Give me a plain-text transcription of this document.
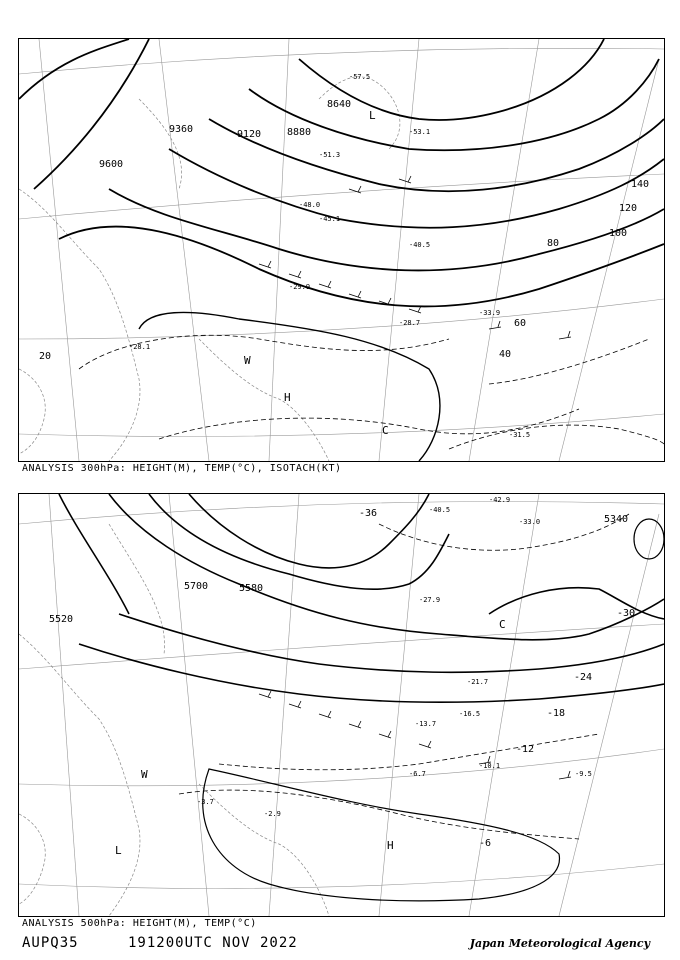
9600
9360	9120	8880
8640
20	40
60
80
100
120
140
L
H
W
C
-57.5
-53.1
-51.3
-48.0
-45.1
-40.5
-33.9
-29.9
-28.7
-28.1
-31.5
ANALYSIS 300hPa: HEIGHT(M), TEMP(°C), ISOTACH(KT)
5700	5580
5520
5340
-36
-30
-24
-18
-12
-6
C
H
W
L
-42.9
-40.5
-33.0
-27.9
-21.7
-16.5
-13.7
-10.1
-9.5
-6.7
-3.7
-2.9
ANALYSIS 500hPa: HEIGHT(M), TEMP(°C)
AUPQ35	191200UTC NOV 2022	Japan Meteorological Agency
